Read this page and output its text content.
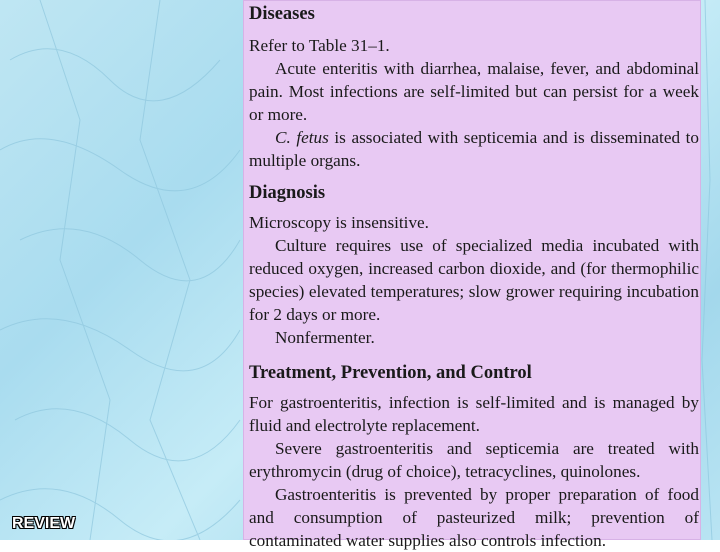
Diseases

Refer to Table 31–1.

Acute enteritis with diarrhea, malaise, fever, and abdominal pain. Most infections are self-limited but can persist for a week or more.

C. fetus is associated with septicemia and is disseminated to multiple organs.

Diagnosis

Microscopy is insensitive.

Culture requires use of specialized media incubated with reduced oxygen, increased carbon dioxide, and (for thermophilic species) elevated temperatures; slow grower requiring incubation for 2 days or more.

Nonfermenter.

Treatment, Prevention, and Control

For gastroenteritis, infection is self-limited and is managed by fluid and electrolyte replacement.

Severe gastroenteritis and septicemia are treated with erythromycin (drug of choice), tetracyclines, quinolones.

Gastroenteritis is prevented by proper preparation of food and consumption of pasteurized milk; prevention of contaminated water supplies also controls infection.

REVIEW
